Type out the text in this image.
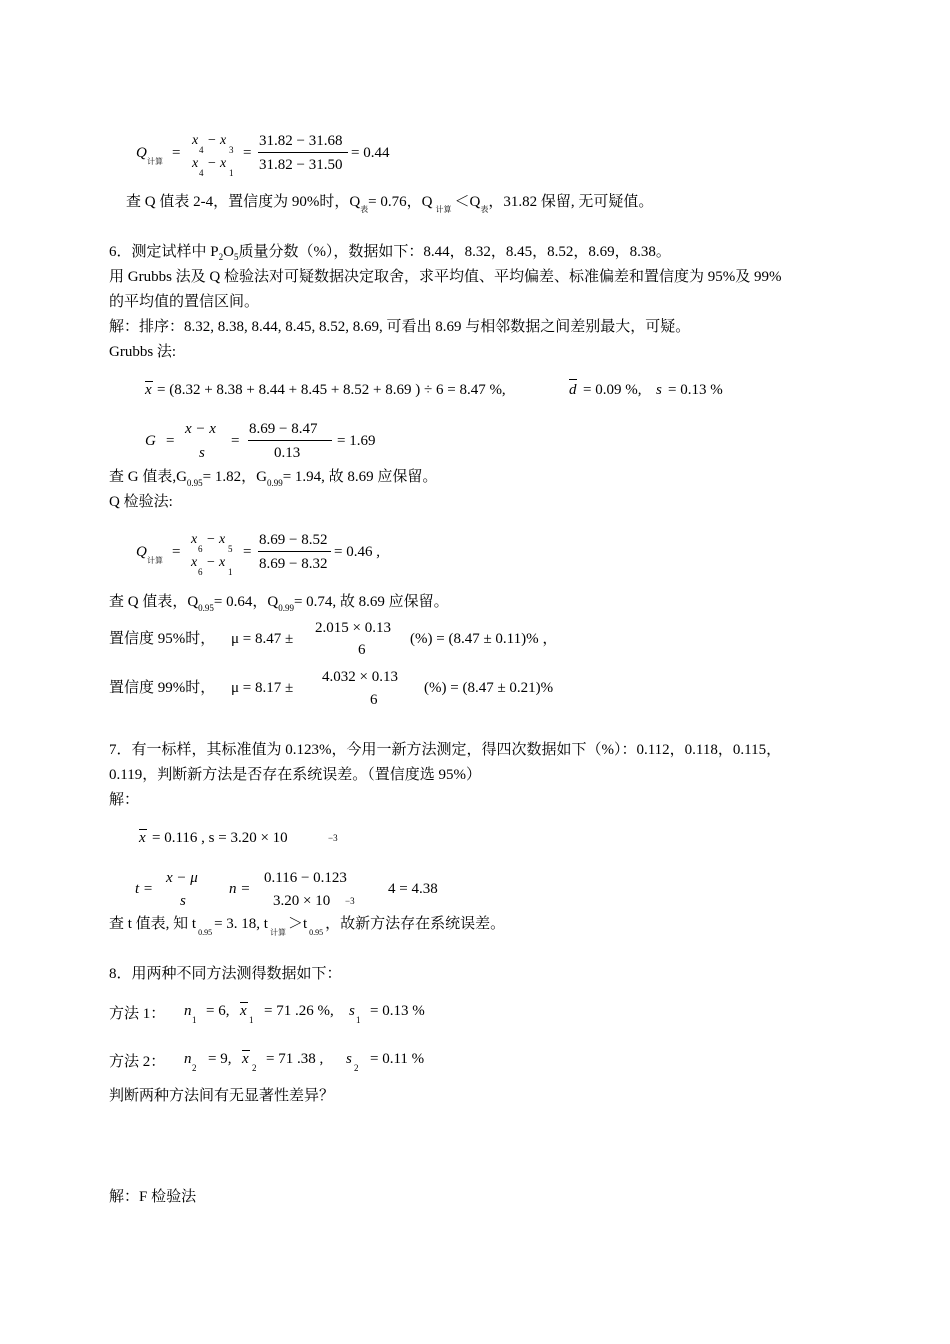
Q
计算
=
x
4
− x
3
x
4
− x
1
=
31.82 − 31.68
31.82 − 31.50
= 0.44
查 Q 值表 2-4，置信度为 90%时，$Q_表= 0.76$，Q $_{计算} <Q_表$，31.82 保留, 无可疑值。
6．测定试样中 $P_2O_5$质量分数（%），数据如下：8.44，8.32，8.45，8.52，8.69，8.38。
用 Grubbs 法及 Q 检验法对可疑数据决定取舍，求平均值、平均偏差、标准偏差和置信度为 95%及 99%
的平均值的置信区间。
解：排序：8.32, 8.38, 8.44, 8.45, 8.52, 8.69, 可看出 8.69 与相邻数据之间差别最大，可疑。
Grubbs 法:
x = (8.32 + 8.38 + 8.44 + 8.45 + 8.52 + 8.69 ) ÷ 6 = 8.47 %,	d = 0.09 %, s = 0.13 %
G =
x − x
s
=
8.69 − 8.47
0.13
= 1.69
查 G 值表$,G_{0.95}= 1.82$，$G_{0.99}= 1.94$, 故 8.69 应保留。
Q 检验法:
Q
计算
=
x
6
− x
5
x
6
− x
1
=
8.69 − 8.52
8.69 − 8.32
= 0.46 ,
查 Q 值表，$Q_{0.95}= 0.64$，$Q_{0.99}= 0.74$, 故 8.69 应保留。
置信度 95%时， μ = 8.47 ±
2.015 × 0.13
6
(%) = (8.47 ± 0.11)% ，
置信度 99%时， μ = 8.17 ±
4.032 × 0.13
6
(%) = (8.47 ± 0.21)%
7．有一标样，其标准值为 0.123%，今用一新方法测定，得四次数据如下（%）：0.112，0.118，0.115，
0.119，判断新方法是否存在系统误差。（置信度选 95%）
解：
x = 0.116 , s = 3.20 × 10	−3
t =
x − μ
s
n =
0.116 − 0.123
3.20 × 10 −3
4 = 4.38
查 t 值表, 知 $t_{0.95}= 3$. 18, $t_{计算}>t_{0.95}$，故新方法存在系统误差。
8．用两种不同方法测得数据如下：
方法 1： n
1
= 6, x
1
= 71 .26 %, s
1
= 0.13 %
方法 2： n
2
= 9, x
2
= 71 .38 , s
2
= 0.11 %
判断两种方法间有无显著性差异？
解：F 检验法
